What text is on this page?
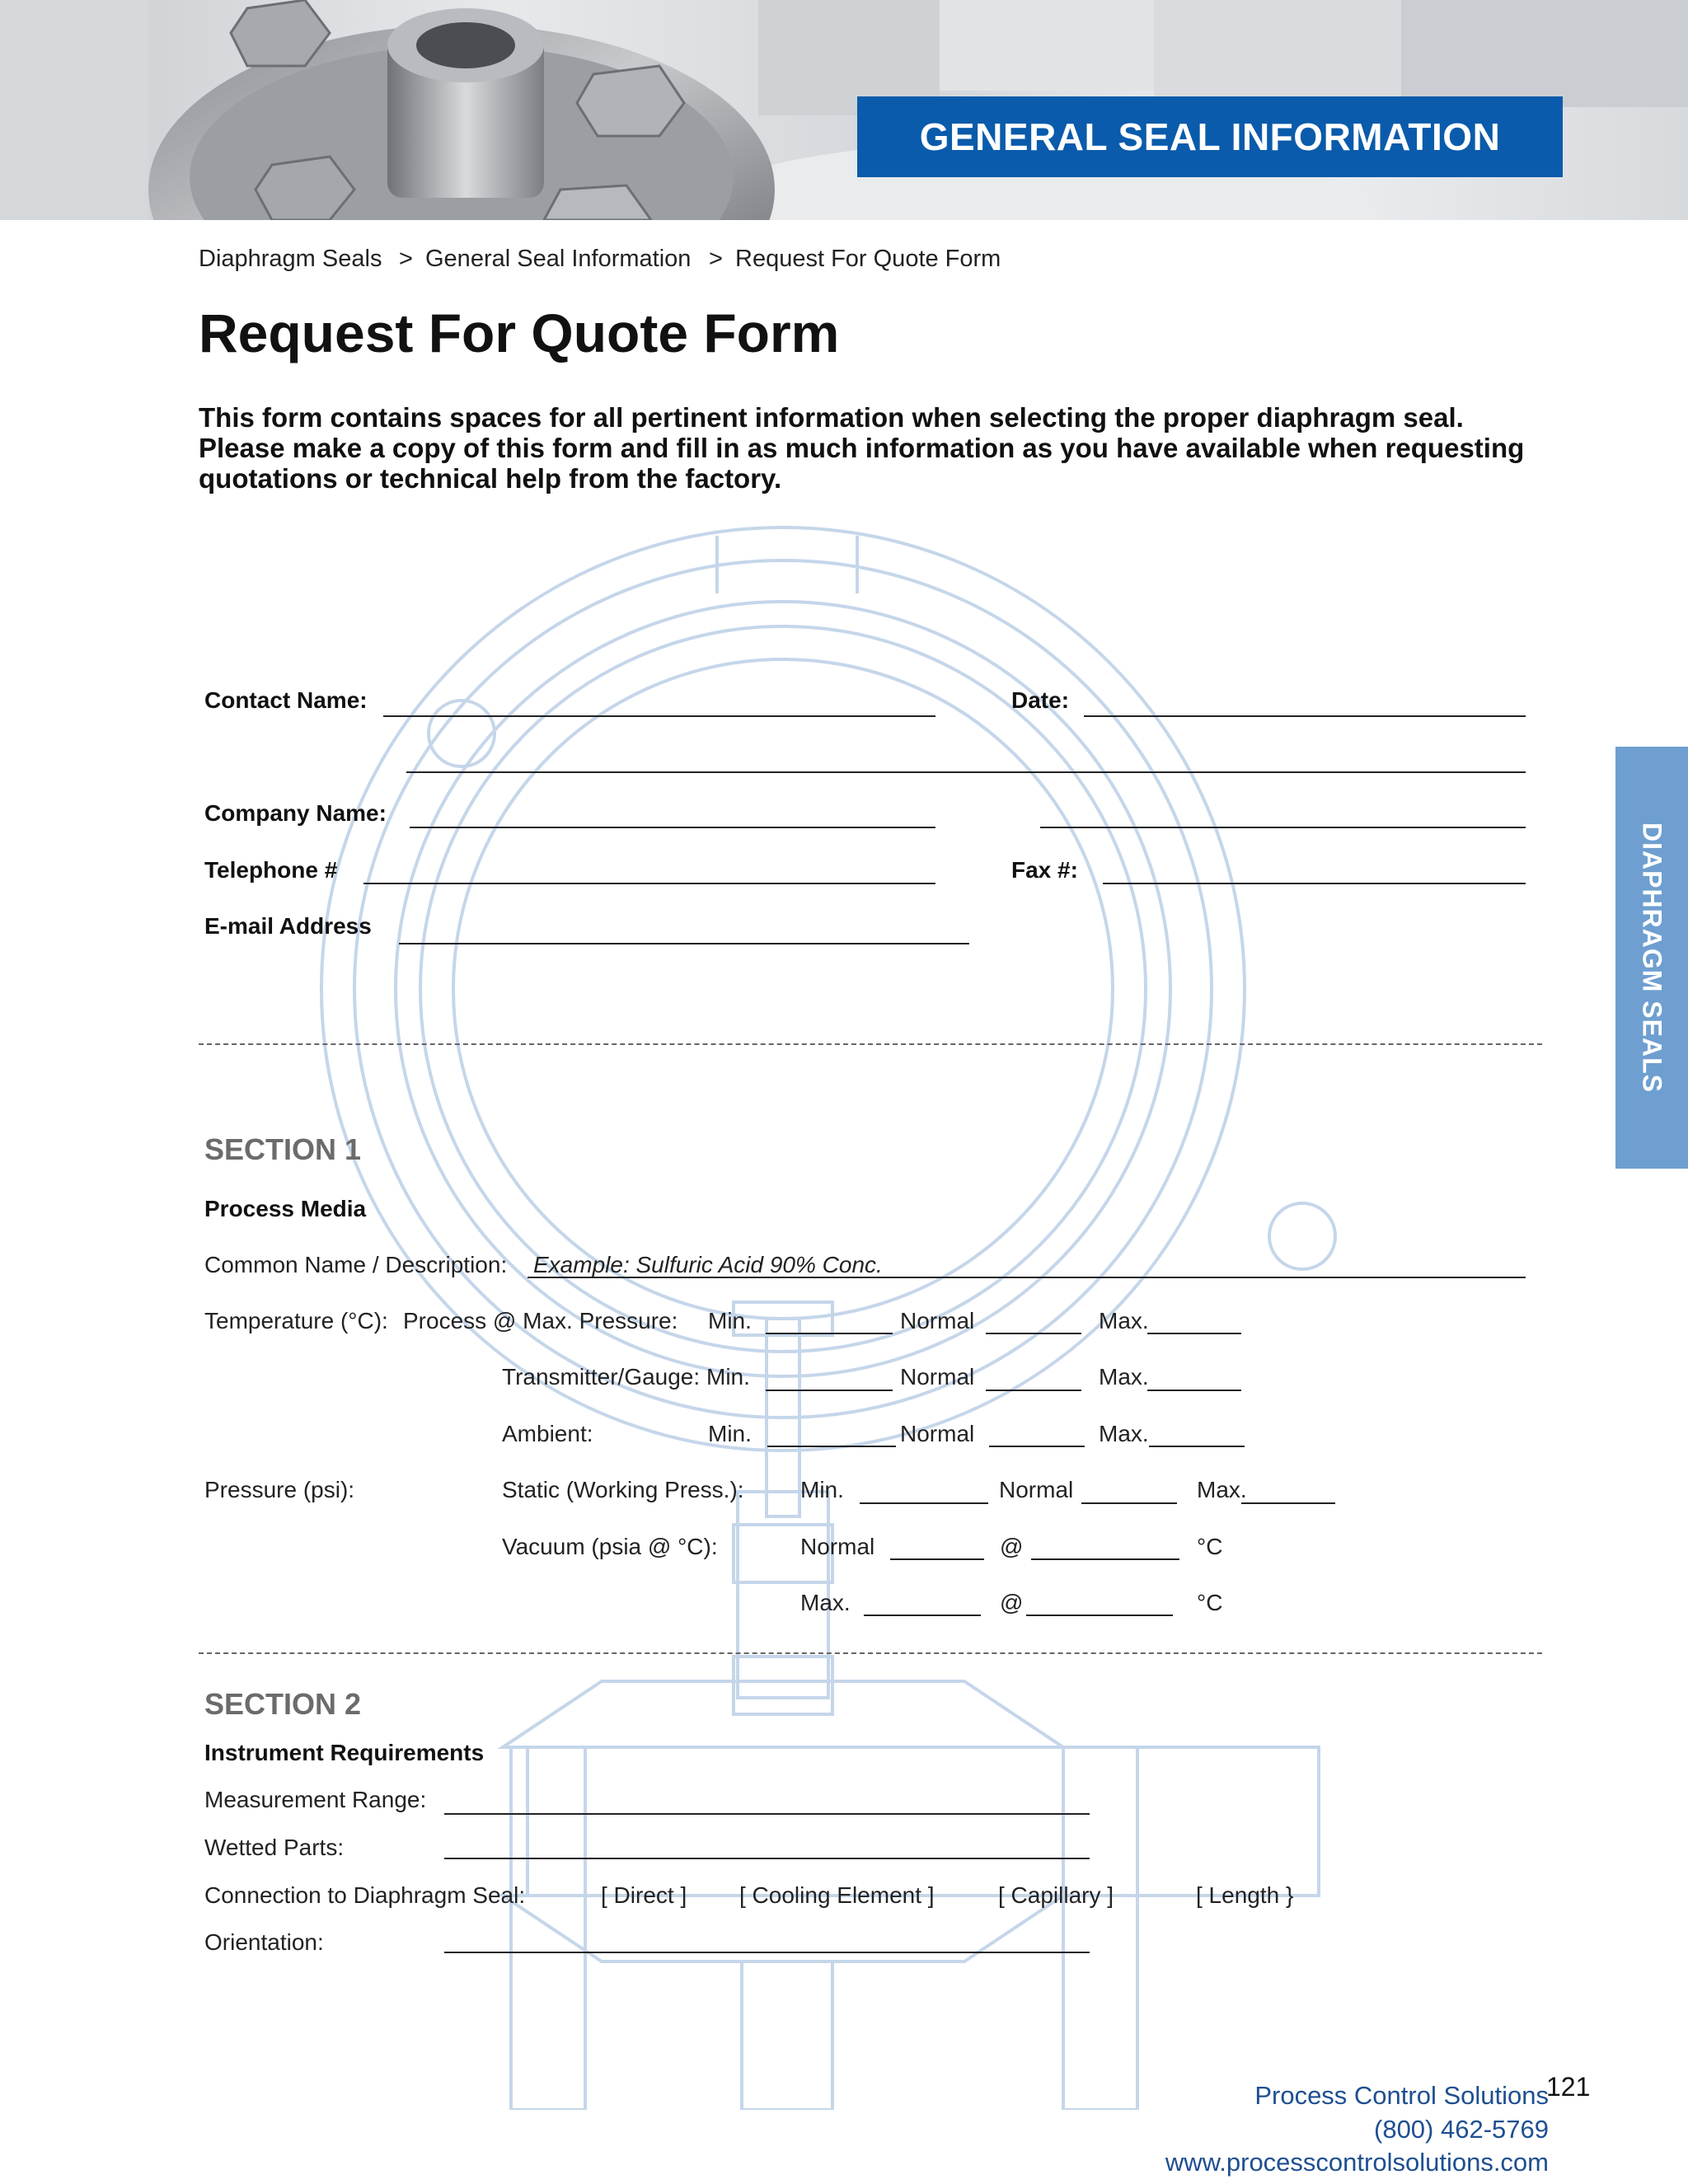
GENERAL SEAL INFORMATION
DIAPHRAGM SEALS
Diaphragm Seals > General Seal Information > Request For Quote Form
Request For Quote Form
This form contains spaces for all pertinent information when selecting the proper diaphragm seal. Please make a copy of this form and fill in as much information as you have available when requesting quotations or technical help from the factory.
Contact Name:	Date:
Company Name:
Telephone #	Fax #:
E-mail Address
SECTION 1
Process Media
Common Name / Description: Example: Sulfuric Acid 90% Conc.
Temperature (°C): Process @ Max. Pressure: Min.	Normal	Max.
Transmitter/Gauge: Min.	Normal	Max.
Ambient:	Min.	Normal	Max.
Pressure (psi):	Static (Working Press.): Min.	Normal	Max.
Vacuum (psia @ °C):	Normal	@	°C
Max.	@	°C
SECTION 2
Instrument Requirements
Measurement Range:
Wetted Parts:
Connection to Diaphragm Seal:	[ Direct ] [ Cooling Element ]	[ Capillary ]	[ Length }
Orientation:
121
Process Control Solutions
(800) 462-5769
www.processcontrolsolutions.com
